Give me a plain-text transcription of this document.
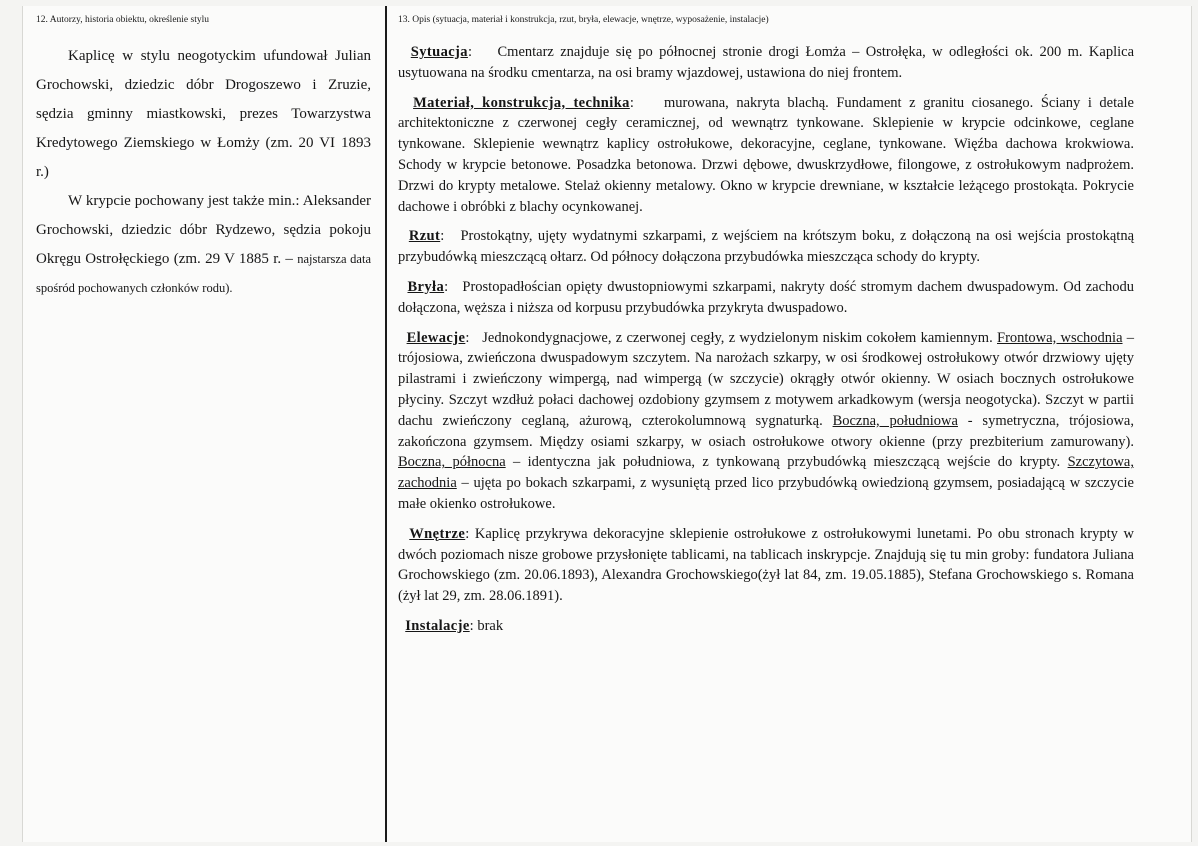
12. Autorzy, historia obiektu, określenie stylu

Kaplicę w stylu neogotyckim ufundował Julian Grochowski, dziedzic dóbr Drogoszewo i Zruzie, sędzia gminny miastkowski, prezes Towarzystwa Kredytowego Ziemskiego w Łomży (zm. 20 VI 1893 r.)

W krypcie pochowany jest także min.: Aleksander Grochowski, dziedzic dóbr Rydzewo, sędzia pokoju Okręgu Ostrołęckiego (zm. 29 V 1885 r. – najstarsza data spośród pochowanych członków rodu).

13. Opis (sytuacja, materiał i konstrukcja, rzut, bryła, elewacje, wnętrze, wyposażenie, instalacje)

Sytuacja:    Cmentarz znajduje się po północnej stronie drogi Łomża – Ostrołęka, w odległości ok. 200 m. Kaplica usytuowana na środku cmentarza, na osi bramy wjazdowej, ustawiona do niej frontem.

Materiał, konstrukcja, technika:    murowana, nakryta blachą. Fundament z granitu ciosanego. Ściany i detale architektoniczne z czerwonej cegły ceramicznej, od wewnątrz tynkowane. Sklepienie w krypcie odcinkowe, ceglane tynkowane. Sklepienie wewnątrz kaplicy ostrołukowe, dekoracyjne, ceglane, tynkowane. Więźba dachowa krokwiowa. Schody w krypcie betonowe. Posadzka betonowa. Drzwi dębowe, dwuskrzydłowe, filongowe, z ostrołukowym nadprożem. Drzwi do krypty metalowe. Stelaż okienny metalowy. Okno w krypcie drewniane, w kształcie leżącego prostokąta. Pokrycie dachowe i obróbki z blachy ocynkowanej.

Rzut:   Prostokątny, ujęty wydatnymi szkarpami, z wejściem na krótszym boku, z dołączoną na osi wejścia prostokątną przybudówką mieszczącą ołtarz. Od północy dołączona przybudówka mieszcząca schody do krypty.

Bryła:   Prostopadłościan opięty dwustopniowymi szkarpami, nakryty dość stromym dachem dwuspadowym. Od zachodu dołączona, węższa i niższa od korpusu przybudówka przykryta dwuspadowo.

Elewacje:   Jednokondygnacjowe, z czerwonej cegły, z wydzielonym niskim cokołem kamiennym. Frontowa, wschodnia – trójosiowa, zwieńczona dwuspadowym szczytem. Na narożach szkarpy, w osi środkowej ostrołukowy otwór drzwiowy ujęty pilastrami i zwieńczony wimpergą, nad wimpergą (w szczycie) okrągły otwór okienny. W osiach bocznych ostrołukowe płyciny. Szczyt wzdłuż połaci dachowej ozdobiony gzymsem z motywem arkadkowym (wersja neogotycka). Szczyt w partii dachu zwieńczony ceglaną, ażurową, czterokolumnową sygnaturką. Boczna, południowa - symetryczna, trójosiowa, zakończona gzymsem. Między osiami szkarpy, w osiach ostrołukowe otwory okienne (przy prezbiterium zamurowany). Boczna, północna – identyczna jak południowa, z tynkowaną przybudówką mieszczącą wejście do krypty. Szczytowa, zachodnia – ujęta po bokach szkarpami, z wysuniętą przed lico przybudówką owiedzioną gzymsem, posiadającą w szczycie małe okienko ostrołukowe.

Wnętrze: Kaplicę przykrywa dekoracyjne sklepienie ostrołukowe z ostrołukowymi lunetami. Po obu stronach krypty w dwóch poziomach nisze grobowe przysłonięte tablicami, na tablicach inskrypcje. Znajdują się tu min groby: fundatora Juliana Grochowskiego (zm. 20.06.1893), Alexandra Grochowskiego(żył lat 84, zm. 19.05.1885), Stefana Grochowskiego s. Romana (żył lat 29, zm. 28.06.1891).

Instalacje: brak
